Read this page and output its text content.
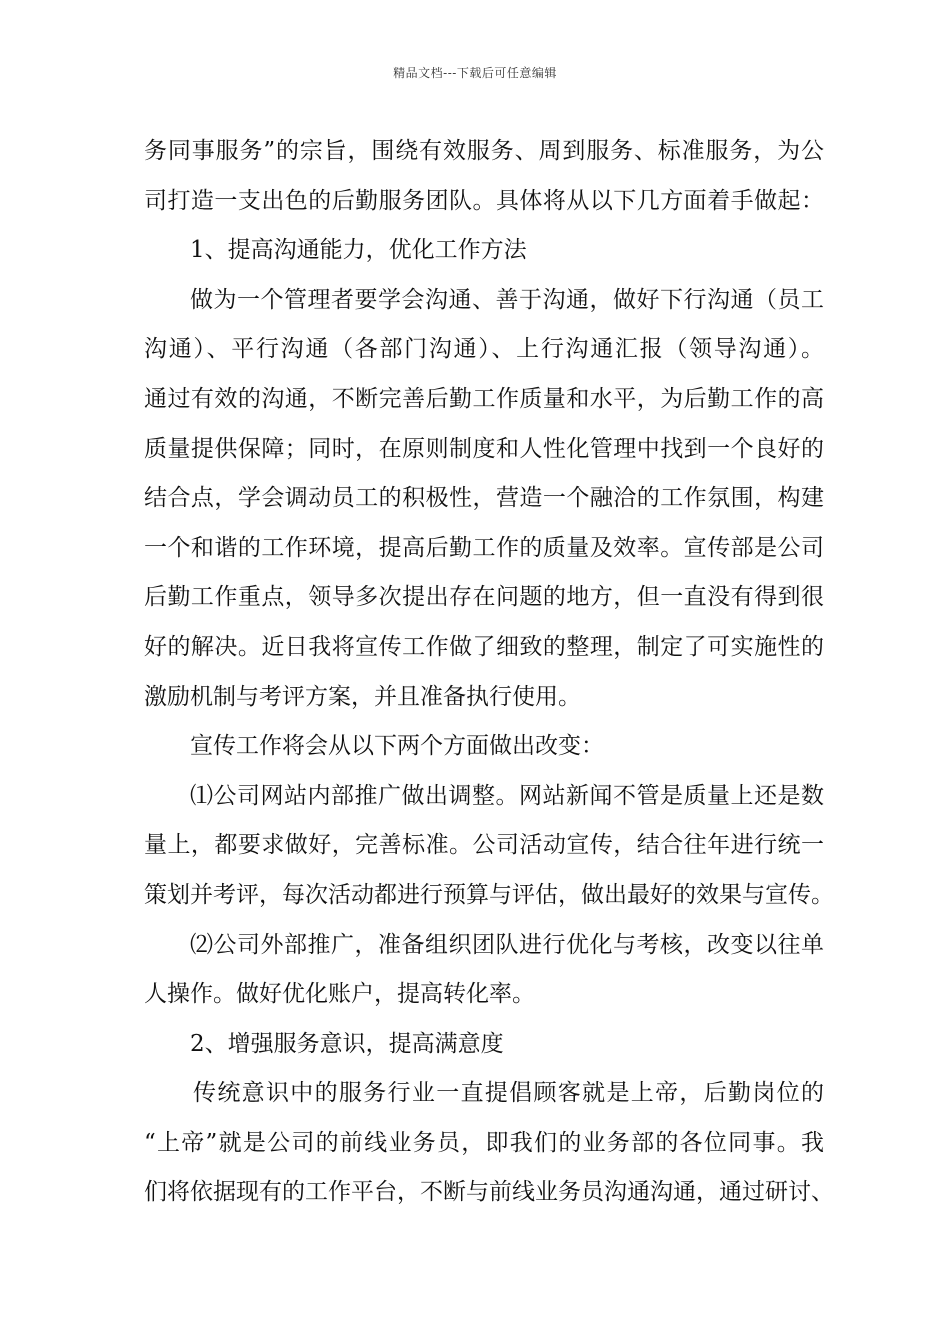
精品文档---下载后可任意编辑
务同事服务”的宗旨，围绕有效服务、周到服务、标准服务，为公
司打造一支出色的后勤服务团队。具体将从以下几方面着手做起：
1、提高沟通能力，优化工作方法
做为一个管理者要学会沟通、善于沟通，做好下行沟通（员工
沟通）、平行沟通（各部门沟通）、上行沟通汇报（领导沟通）。
通过有效的沟通，不断完善后勤工作质量和水平，为后勤工作的高
质量提供保障；同时，在原则制度和人性化管理中找到一个良好的
结合点，学会调动员工的积极性，营造一个融洽的工作氛围，构建
一个和谐的工作环境，提高后勤工作的质量及效率。宣传部是公司
后勤工作重点，领导多次提出存在问题的地方，但一直没有得到很
好的解决。近日我将宣传工作做了细致的整理，制定了可实施性的
激励机制与考评方案，并且准备执行使用。
宣传工作将会从以下两个方面做出改变：
⑴公司网站内部推广做出调整。网站新闻不管是质量上还是数
量上，都要求做好，完善标准。公司活动宣传，结合往年进行统一
策划并考评，每次活动都进行预算与评估，做出最好的效果与宣传。
⑵公司外部推广，准备组织团队进行优化与考核，改变以往单
人操作。做好优化账户，提高转化率。
2、增强服务意识，提高满意度
传统意识中的服务行业一直提倡顾客就是上帝，后勤岗位的
“上帝”就是公司的前线业务员，即我们的业务部的各位同事。我
们将依据现有的工作平台，不断与前线业务员沟通沟通，通过研讨、
